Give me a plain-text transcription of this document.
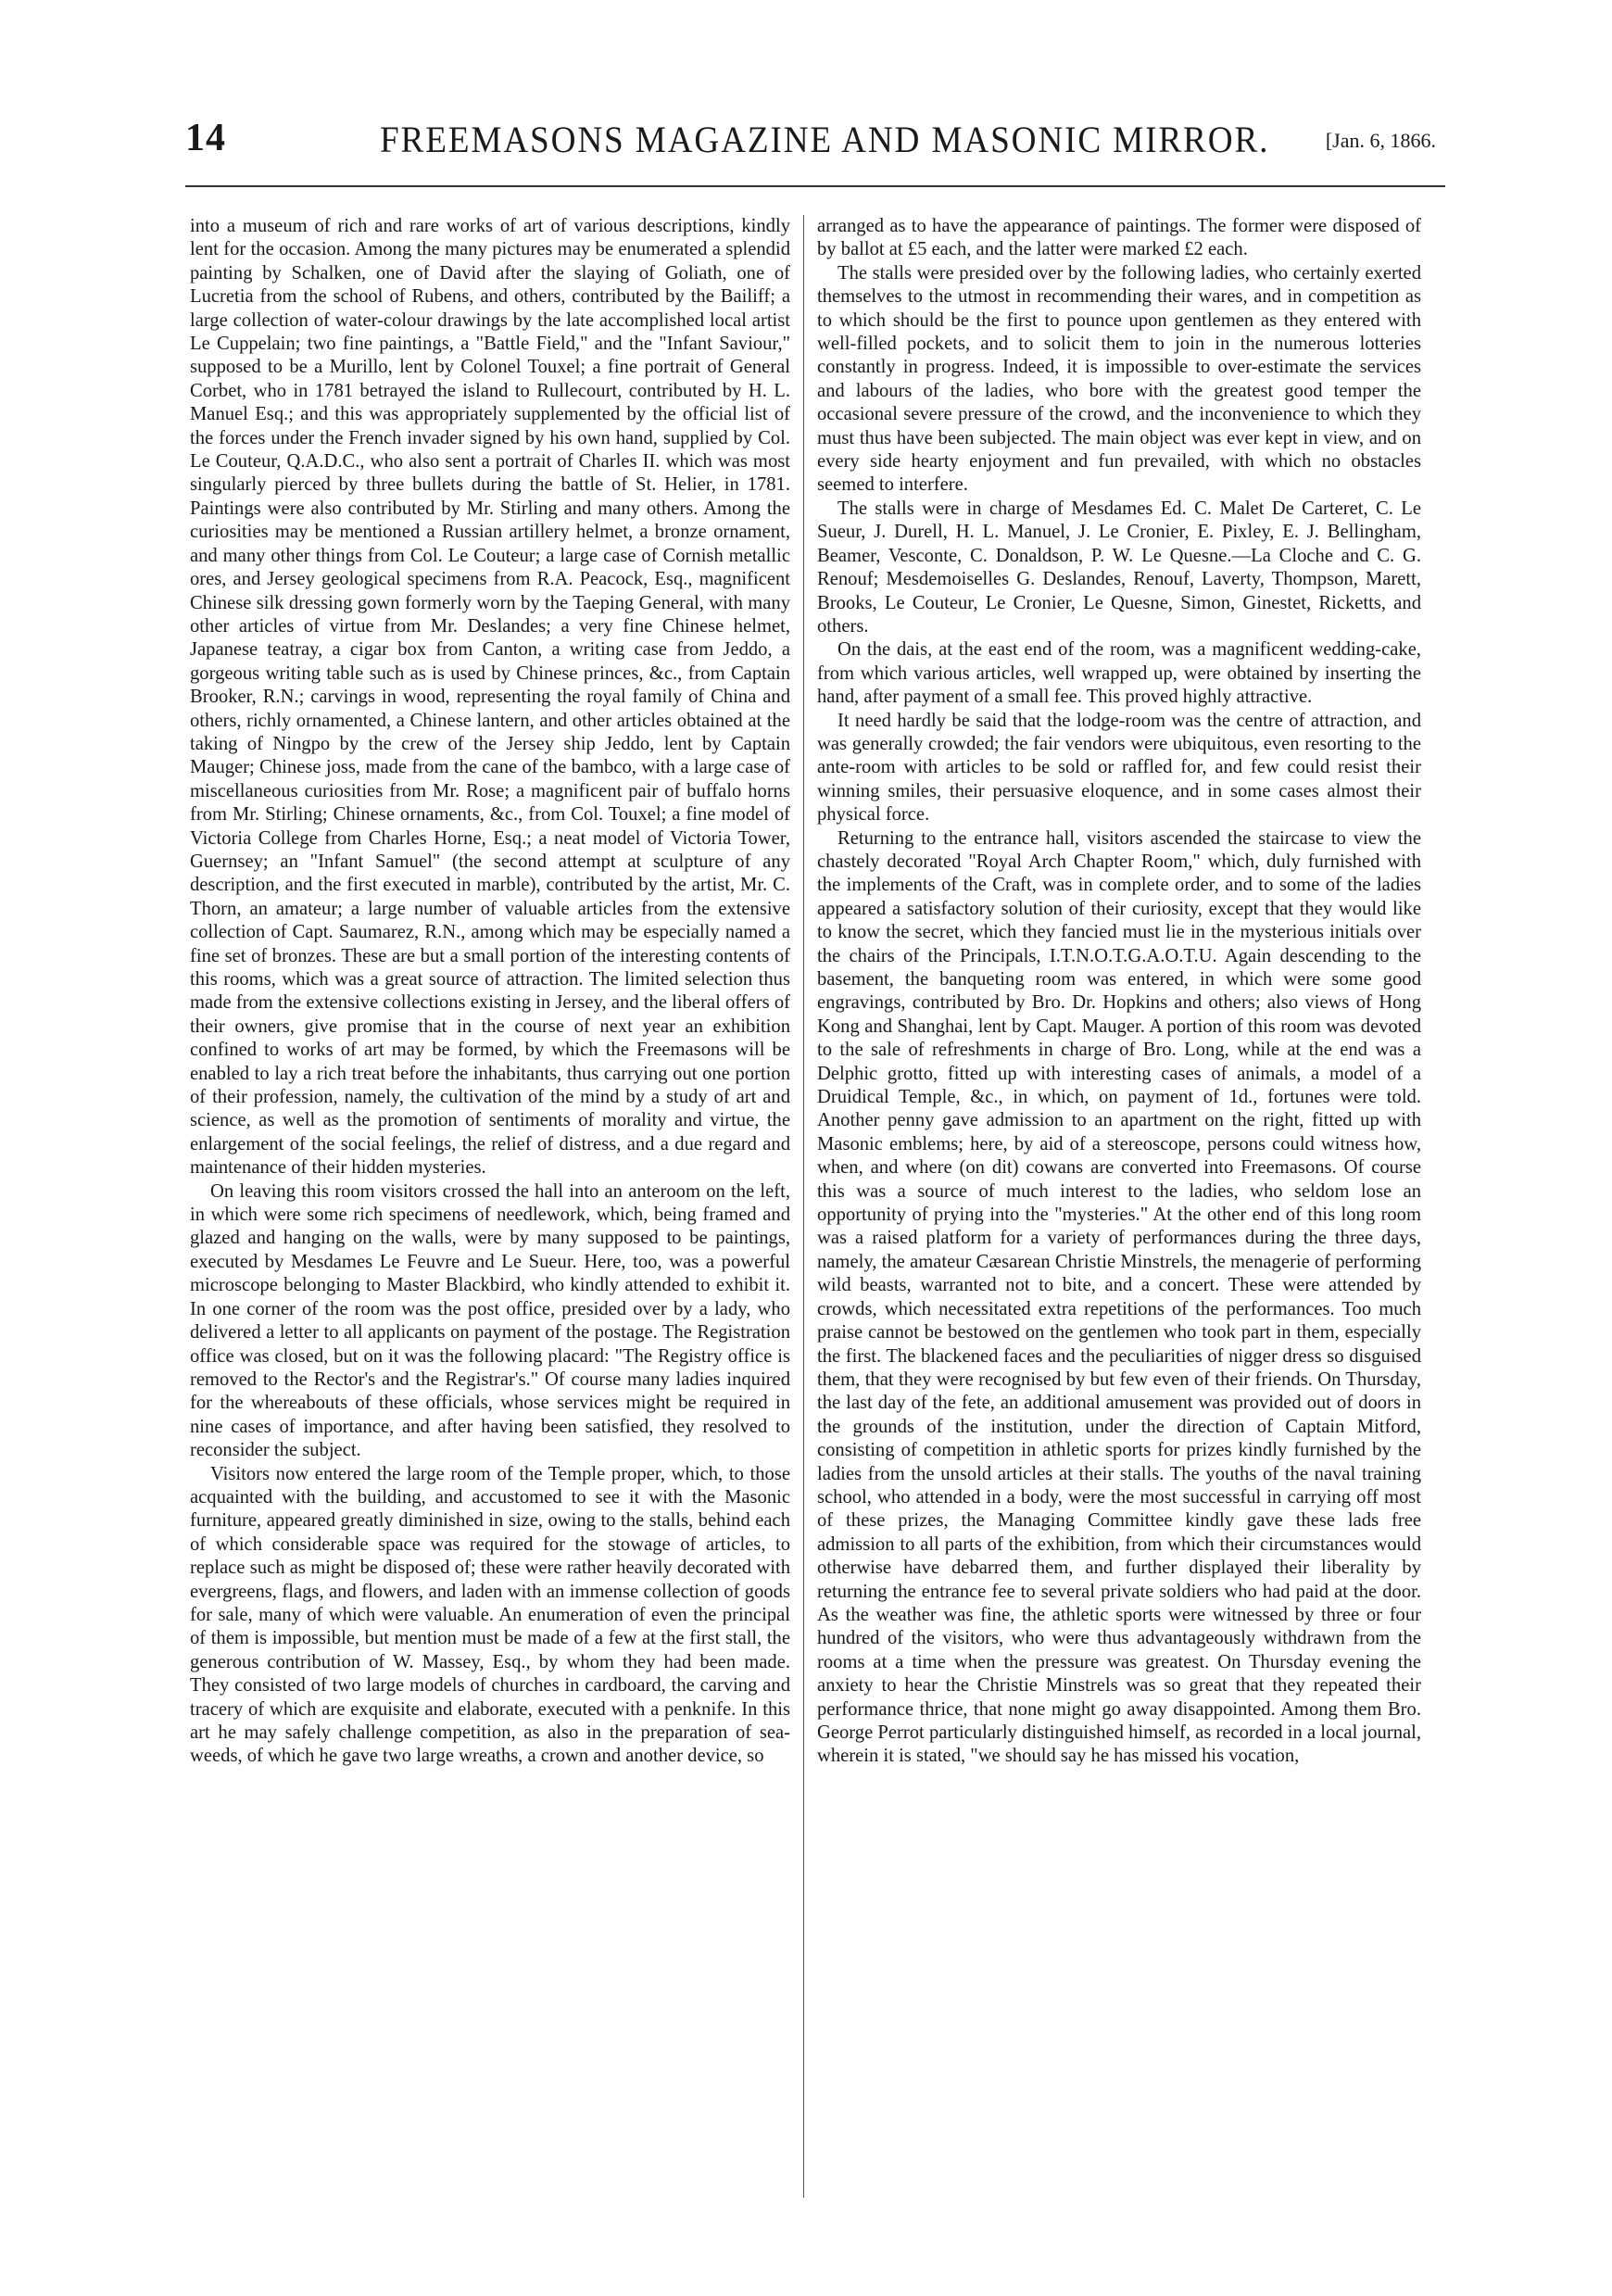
14	FREEMASONS MAGAZINE AND MASONIC MIRROR.	[Jan. 6, 1866.

into a museum of rich and rare works of art of various descriptions, kindly lent for the occasion. Among the many pictures may be enumerated a splendid painting by Schalken, one of David after the slaying of Goliath, one of Lucretia from the school of Rubens, and others, contributed by the Bailiff; a large collection of water-colour drawings by the late accomplished local artist Le Cuppelain; two fine paintings, a "Battle Field," and the "Infant Saviour," supposed to be a Murillo, lent by Colonel Touxel; a fine portrait of General Corbet, who in 1781 betrayed the island to Rullecourt, contributed by H. L. Manuel Esq.; and this was appropriately supplemented by the official list of the forces under the French invader signed by his own hand, supplied by Col. Le Couteur, Q.A.D.C., who also sent a portrait of Charles II. which was most singularly pierced by three bullets during the battle of St. Helier, in 1781. Paintings were also contributed by Mr. Stirling and many others. Among the curiosities may be mentioned a Russian artillery helmet, a bronze ornament, and many other things from Col. Le Couteur; a large case of Cornish metallic ores, and Jersey geological specimens from R.A. Peacock, Esq., magnificent Chinese silk dressing gown formerly worn by the Taeping General, with many other articles of virtue from Mr. Deslandes; a very fine Chinese helmet, Japanese teatray, a cigar box from Canton, a writing case from Jeddo, a gorgeous writing table such as is used by Chinese princes, &c., from Captain Brooker, R.N.; carvings in wood, representing the royal family of China and others, richly ornamented, a Chinese lantern, and other articles obtained at the taking of Ningpo by the crew of the Jersey ship Jeddo, lent by Captain Mauger; Chinese joss, made from the cane of the bambco, with a large case of miscellaneous curiosities from Mr. Rose; a magnificent pair of buffalo horns from Mr. Stirling; Chinese ornaments, &c., from Col. Touxel; a fine model of Victoria College from Charles Horne, Esq.; a neat model of Victoria Tower, Guernsey; an "Infant Samuel" (the second attempt at sculpture of any description, and the first executed in marble), contributed by the artist, Mr. C. Thorn, an amateur; a large number of valuable articles from the extensive collection of Capt. Saumarez, R.N., among which may be especially named a fine set of bronzes. These are but a small portion of the interesting contents of this rooms, which was a great source of attraction. The limited selection thus made from the extensive collections existing in Jersey, and the liberal offers of their owners, give promise that in the course of next year an exhibition confined to works of art may be formed, by which the Freemasons will be enabled to lay a rich treat before the inhabitants, thus carrying out one portion of their profession, namely, the cultivation of the mind by a study of art and science, as well as the promotion of sentiments of morality and virtue, the enlargement of the social feelings, the relief of distress, and a due regard and maintenance of their hidden mysteries.

On leaving this room visitors crossed the hall into an anteroom on the left, in which were some rich specimens of needlework, which, being framed and glazed and hanging on the walls, were by many supposed to be paintings, executed by Mesdames Le Feuvre and Le Sueur. Here, too, was a powerful microscope belonging to Master Blackbird, who kindly attended to exhibit it. In one corner of the room was the post office, presided over by a lady, who delivered a letter to all applicants on payment of the postage. The Registration office was closed, but on it was the following placard: "The Registry office is removed to the Rector's and the Registrar's." Of course many ladies inquired for the whereabouts of these officials, whose services might be required in nine cases of importance, and after having been satisfied, they resolved to reconsider the subject.

Visitors now entered the large room of the Temple proper, which, to those acquainted with the building, and accustomed to see it with the Masonic furniture, appeared greatly diminished in size, owing to the stalls, behind each of which considerable space was required for the stowage of articles, to replace such as might be disposed of; these were rather heavily decorated with evergreens, flags, and flowers, and laden with an immense collection of goods for sale, many of which were valuable. An enumeration of even the principal of them is impossible, but mention must be made of a few at the first stall, the generous contribution of W. Massey, Esq., by whom they had been made. They consisted of two large models of churches in cardboard, the carving and tracery of which are exquisite and elaborate, executed with a penknife. In this art he may safely challenge competition, as also in the preparation of sea-weeds, of which he gave two large wreaths, a crown and another device, so

arranged as to have the appearance of paintings. The former were disposed of by ballot at £5 each, and the latter were marked £2 each.

The stalls were presided over by the following ladies, who certainly exerted themselves to the utmost in recommending their wares, and in competition as to which should be the first to pounce upon gentlemen as they entered with well-filled pockets, and to solicit them to join in the numerous lotteries constantly in progress. Indeed, it is impossible to over-estimate the services and labours of the ladies, who bore with the greatest good temper the occasional severe pressure of the crowd, and the inconvenience to which they must thus have been subjected. The main object was ever kept in view, and on every side hearty enjoyment and fun prevailed, with which no obstacles seemed to interfere.

The stalls were in charge of Mesdames Ed. C. Malet De Carteret, C. Le Sueur, J. Durell, H. L. Manuel, J. Le Cronier, E. Pixley, E. J. Bellingham, Beamer, Vesconte, C. Donaldson, P. W. Le Quesne.—La Cloche and C. G. Renouf; Mesdemoiselles G. Deslandes, Renouf, Laverty, Thompson, Marett, Brooks, Le Couteur, Le Cronier, Le Quesne, Simon, Ginestet, Ricketts, and others.

On the dais, at the east end of the room, was a magnificent wedding-cake, from which various articles, well wrapped up, were obtained by inserting the hand, after payment of a small fee. This proved highly attractive.

It need hardly be said that the lodge-room was the centre of attraction, and was generally crowded; the fair vendors were ubiquitous, even resorting to the ante-room with articles to be sold or raffled for, and few could resist their winning smiles, their persuasive eloquence, and in some cases almost their physical force.

Returning to the entrance hall, visitors ascended the staircase to view the chastely decorated "Royal Arch Chapter Room," which, duly furnished with the implements of the Craft, was in complete order, and to some of the ladies appeared a satisfactory solution of their curiosity, except that they would like to know the secret, which they fancied must lie in the mysterious initials over the chairs of the Principals, I.T.N.O.T.G.A.O.T.U. Again descending to the basement, the banqueting room was entered, in which were some good engravings, contributed by Bro. Dr. Hopkins and others; also views of Hong Kong and Shanghai, lent by Capt. Mauger. A portion of this room was devoted to the sale of refreshments in charge of Bro. Long, while at the end was a Delphic grotto, fitted up with interesting cases of animals, a model of a Druidical Temple, &c., in which, on payment of 1d., fortunes were told. Another penny gave admission to an apartment on the right, fitted up with Masonic emblems; here, by aid of a stereoscope, persons could witness how, when, and where (on dit) cowans are converted into Freemasons. Of course this was a source of much interest to the ladies, who seldom lose an opportunity of prying into the "mysteries." At the other end of this long room was a raised platform for a variety of performances during the three days, namely, the amateur Cæsarean Christie Minstrels, the menagerie of performing wild beasts, warranted not to bite, and a concert. These were attended by crowds, which necessitated extra repetitions of the performances. Too much praise cannot be bestowed on the gentlemen who took part in them, especially the first. The blackened faces and the peculiarities of nigger dress so disguised them, that they were recognised by but few even of their friends. On Thursday, the last day of the fete, an additional amusement was provided out of doors in the grounds of the institution, under the direction of Captain Mitford, consisting of competition in athletic sports for prizes kindly furnished by the ladies from the unsold articles at their stalls. The youths of the naval training school, who attended in a body, were the most successful in carrying off most of these prizes, the Managing Committee kindly gave these lads free admission to all parts of the exhibition, from which their circumstances would otherwise have debarred them, and further displayed their liberality by returning the entrance fee to several private soldiers who had paid at the door. As the weather was fine, the athletic sports were witnessed by three or four hundred of the visitors, who were thus advantageously withdrawn from the rooms at a time when the pressure was greatest. On Thursday evening the anxiety to hear the Christie Minstrels was so great that they repeated their performance thrice, that none might go away disappointed. Among them Bro. George Perrot particularly distinguished himself, as recorded in a local journal, wherein it is stated, "we should say he has missed his vocation,
